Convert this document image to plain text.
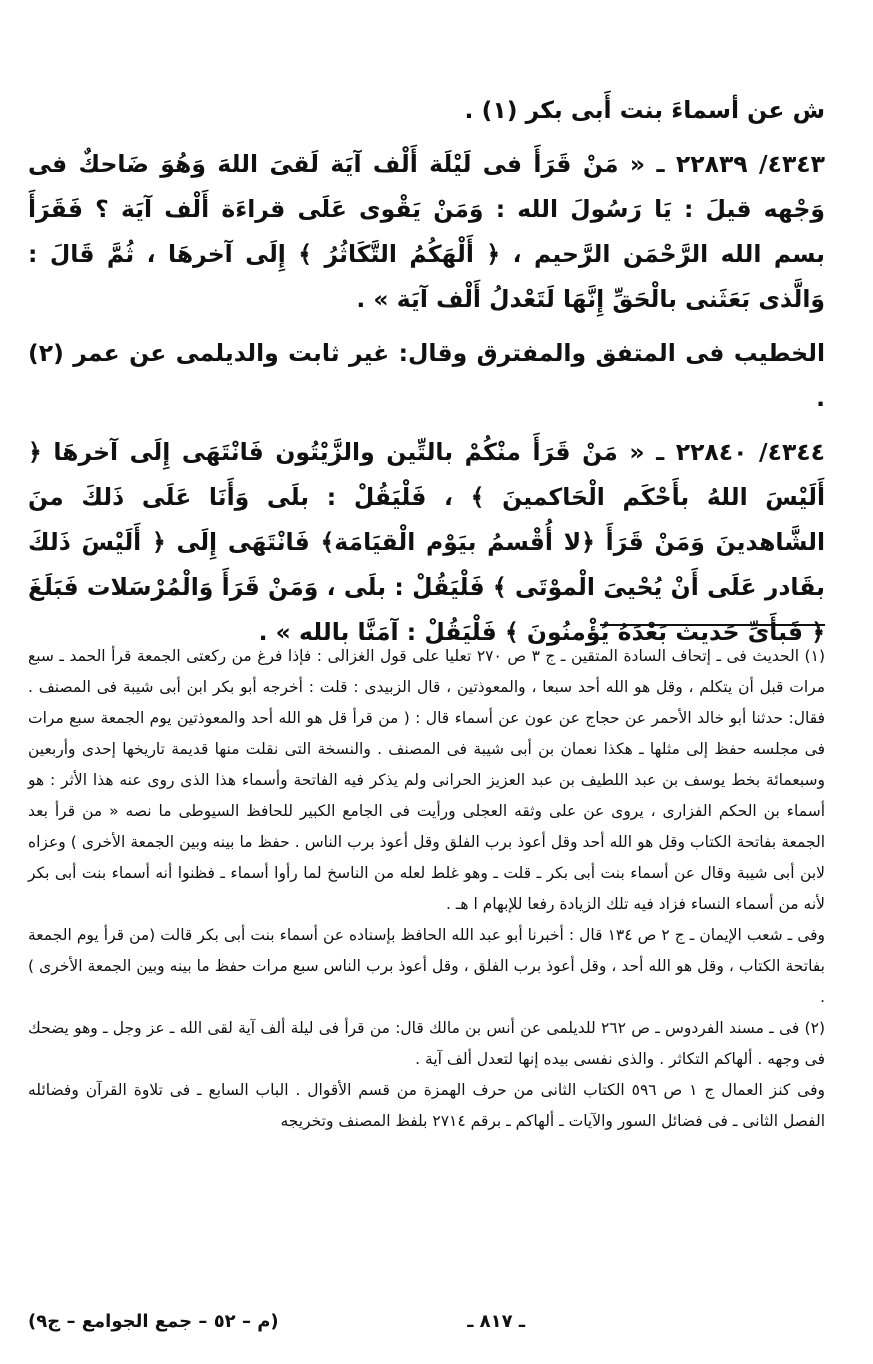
ش عن أسماءَ بنت أَبى بكر (١) .

٤٣٤٣/ ٢٢٨٣٩ ـ « مَنْ قَرَأَ فى لَيْلَة أَلْف آيَة لَقىَ اللهَ وَهُوَ ضَاحكٌ فى وَجْهه قيلَ : يَا رَسُولَ الله : وَمَنْ يَقْوى عَلَى قراءَة أَلْف آيَة ؟ فَقَرَأَ بسم الله الرَّحْمَن الرَّحيم ، ﴿ أَلْهَكُمُ التَّكَاثُرُ ﴾ إِلَى آخرهَا ، ثُمَّ قَالَ : وَالَّذى بَعَثَنى بالْحَقِّ إِنَّهَا لَتَعْدلُ أَلْف آيَة » .

الخطيب فى المتفق والمفترق وقال: غير ثابت والديلمى عن عمر (٢) .

٤٣٤٤/ ٢٢٨٤٠ ـ « مَنْ قَرَأَ منْكُمْ بالتِّين والزَّيْتُون فَانْتَهَى إِلَى آخرهَا ﴿ أَلَيْسَ اللهُ بأَحْكَم الْحَاكمينَ ﴾ ، فَلْيَقُلْ : بلَى وَأَنَا عَلَى ذَلكَ منَ الشَّاهدينَ وَمَنْ قَرَأَ ﴿لا أُقْسمُ بيَوْم الْقيَامَة﴾ فَانْتَهَى إِلَى ﴿ أَلَيْسَ ذَلكَ بقَادر عَلَى أَنْ يُحْيىَ الْموْتَى ﴾ فَلْيَقُلْ : بلَى ، وَمَنْ قَرَأَ وَالْمُرْسَلات فَبَلَغَ ﴿ فَبأَىِّ حَديث بَعْدَهُ يُؤْمنُونَ ﴾ فَلْيَقُلْ : آمَنَّا بالله » .

(١) الحديث فى ـ إتحاف السادة المتقين ـ ج ٣ ص ٢٧٠ تعليا على قول الغزالى : فإذا فرغ من ركعتى الجمعة قرأ الحمد ـ سبع مرات قبل أن يتكلم ، وقل هو الله أحد سبعا ، والمعوذتين ، قال الزبيدى : قلت : أخرجه أبو بكر ابن أبى شيبة فى المصنف . فقال: حدثنا أبو خالد الأحمر عن حجاج عن عون عن أسماء قال : ( من قرأ قل هو الله أحد والمعوذتين يوم الجمعة سبع مرات فى مجلسه حفظ إلى مثلها ـ هكذا نعمان بن أبى شيبة فى المصنف . والنسخة التى نقلت منها قديمة تاريخها إحدى وأربعين وسبعمائة بخط يوسف بن عبد اللطيف بن عبد العزيز الحرانى ولم يذكر فيه الفاتحة وأسماء هذا الذى روى عنه هذا الأثر : هو أسماء بن الحكم الفزارى ، يروى عن على وثقه العجلى ورأيت فى الجامع الكبير للحافظ السيوطى ما نصه « من قرأ بعد الجمعة بفاتحة الكتاب وقل هو الله أحد وقل أعوذ برب الفلق وقل أعوذ برب الناس . حفظ ما بينه وبين الجمعة الأخرى ) وعزاه لابن أبى شيبة وقال عن أسماء بنت أبى بكر ـ قلت ـ وهو غلط لعله من الناسخ لما رأوا أسماء ـ فظنوا أنه أسماء بنت أبى بكر لأنه من أسماء النساء فزاد فيه تلك الزيادة رفعا للإبهام ا هـ .

وفى ـ شعب الإيمان ـ ج ٢ ص ١٣٤ قال : أخبرنا أبو عبد الله الحافظ بإسناده عن أسماء بنت أبى بكر قالت (من قرأ يوم الجمعة بفاتحة الكتاب ، وقل هو الله أحد ، وقل أعوذ برب الفلق ، وقل أعوذ برب الناس سبع مرات حفظ ما بينه وبين الجمعة الأخرى ) .

(٢) فى ـ مسند الفردوس ـ ص ٢٦٢ للديلمى عن أنس بن مالك قال: من قرأ فى ليلة ألف آية لقى الله ـ عز وجل ـ وهو يضحك فى وجهه . ألهاكم التكاثر . والذى نفسى بيده إنها لتعدل ألف آية .

وفى كنز العمال ج ١ ص ٥٩٦ الكتاب الثانى من حرف الهمزة من قسم الأقوال . الباب السابع ـ فى تلاوة القرآن وفضائله الفصل الثانى ـ فى فضائل السور والآيات ـ ألهاكم ـ برقم ٢٧١٤ بلفظ المصنف وتخريجه

ـ ٨١٧ ـ
(م – ٥٢ – جمع الجوامع – ج٩)
